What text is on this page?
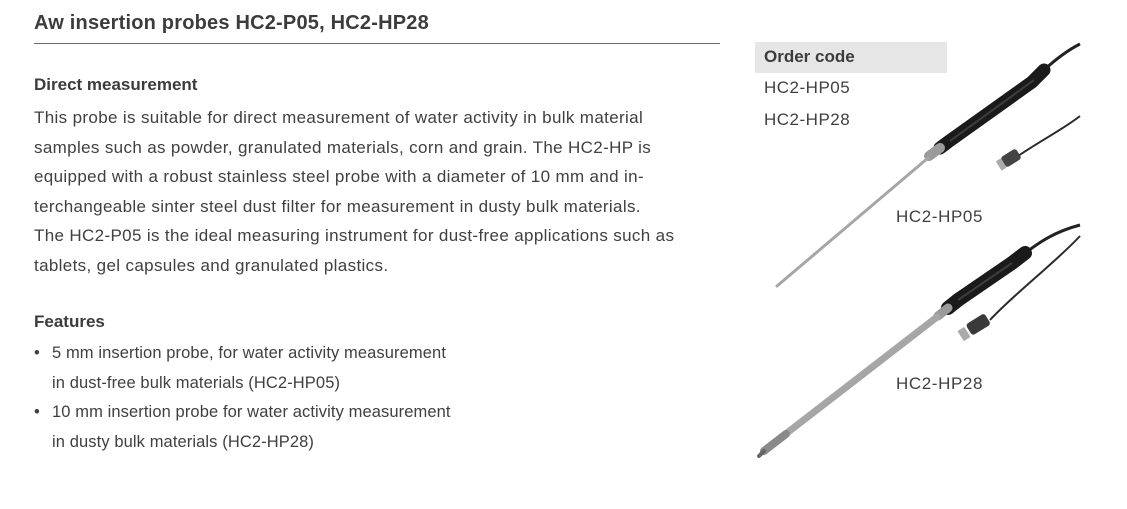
Aw insertion probes HC2-P05, HC2-HP28
Direct measurement

This probe is suitable for direct measurement of water activity in bulk material
samples such as powder, granulated materials, corn and grain. The HC2-HP is
equipped with a robust stainless steel probe with a diameter of 10 mm and in-
terchangeable sinter steel dust filter for measurement in dusty bulk materials.
The HC2-P05 is the ideal measuring instrument for dust-free applications such as
tablets, gel capsules and granulated plastics.

Features
• 5 mm insertion probe, for water activity measurement
in dust-free bulk materials (HC2-HP05)
• 10 mm insertion probe for water activity measurement
in dusty bulk materials (HC2-HP28)
Order code
HC2-HP05
HC2-HP28
HC2-HP05
HC2-HP28
